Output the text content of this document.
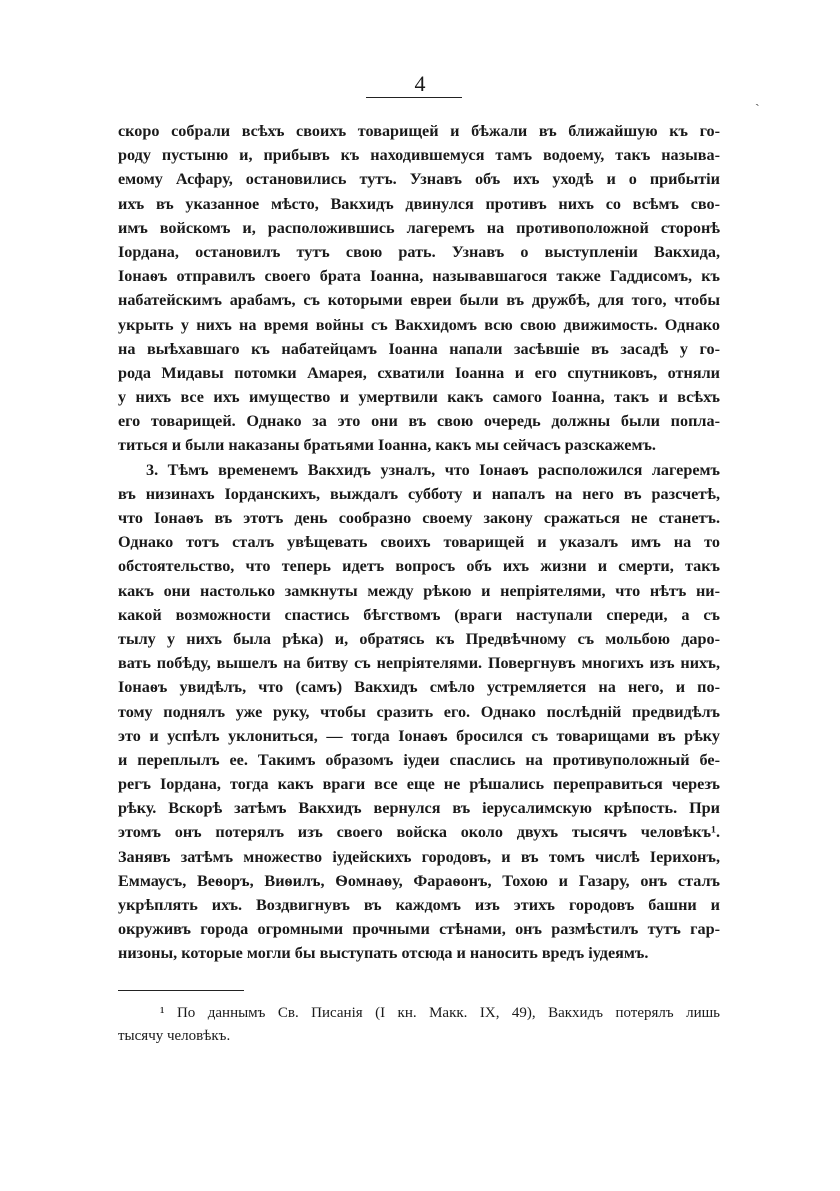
4
ˏ
скоро собрали всѣхъ своихъ товарищей и бѣжали въ ближайшую къ го-
роду пустыню и, прибывъ къ находившемуся тамъ водоему, такъ называ-
емому Асфару, остановились тутъ. Узнавъ объ ихъ уходѣ и о прибытіи
ихъ въ указанное мѣсто, Вакхидъ двинулся противъ нихъ со всѣмъ сво-
имъ войскомъ и, расположившись лагеремъ на противоположной сторонѣ
Іордана, остановилъ тутъ свою рать. Узнавъ о выступленіи Вакхида,
Іонаѳъ отправилъ своего брата Іоанна, называвшагося также Гаддисомъ, къ
набатейскимъ арабамъ, съ которыми евреи были въ дружбѣ, для того, чтобы
укрыть у нихъ на время войны съ Вакхидомъ всю свою движимость. Однако
на выѣхавшаго къ набатейцамъ Іоанна напали засѣвшіе въ засадѣ у го-
рода Мидавы потомки Амарея, схватили Іоанна и его спутниковъ, отняли
у нихъ все ихъ имущество и умертвили какъ самого Іоанна, такъ и всѣхъ
его товарищей. Однако за это они въ свою очередь должны были поплa-
титься и были наказаны братьями Іоанна, какъ мы сейчасъ разскажемъ.
3. Тѣмъ временемъ Вакхидъ узналъ, что Іонаѳъ расположился лагеремъ
въ низинахъ Іорданскихъ, выждалъ субботу и напалъ на него въ разсчетѣ,
что Іонаѳъ въ этотъ день сообразно своему закону сражаться не станетъ.
Однако тотъ сталъ увѣщевать своихъ товарищей и указалъ имъ на то
обстоятельство, что теперь идетъ вопросъ объ ихъ жизни и смерти, такъ
какъ они настолько замкнуты между рѣкою и непріятелями, что нѣтъ ни-
какой возможности спастись бѣгствомъ (враги наступали спереди, а съ
тылу у нихъ была рѣка) и, обратясь къ Предвѣчному съ мольбою даро-
вать побѣду, вышелъ на битву съ непріятелями. Повергнувъ многихъ изъ нихъ,
Іонаѳъ увидѣлъ, что (самъ) Вакхидъ смѣло устремляется на него, и по-
тому поднялъ уже руку, чтобы сразить его. Однако послѣдній предвидѣлъ
это и успѣлъ уклониться, — тогда Іонаѳъ бросился съ товарищами въ рѣку
и переплылъ ее. Такимъ образомъ іудеи спаслись на противуположный бе-
регъ Іордана, тогда какъ враги все еще не рѣшались переправиться черезъ
рѣку. Вскорѣ затѣмъ Вакхидъ вернулся въ іерусалимскую крѣпость. При
этомъ онъ потерялъ изъ своего войска около двухъ тысячъ человѣкъ¹.
Занявъ затѣмъ множество іудейскихъ городовъ, и въ томъ числѣ Іерихонъ,
Еммаусъ, Веѳоръ, Виѳилъ, Ѳомнаѳу, Фараѳонъ, Тохою и Газару, онъ сталъ
укрѣплять ихъ. Воздвигнувъ въ каждомъ изъ этихъ городовъ башни и
окруживъ города огромными прочными стѣнами, онъ размѣстилъ тутъ гар-
низоны, которые могли бы выступать отсюда и наносить вредъ іудеямъ.
¹ По даннымъ Св. Писанія (I кн. Макк. IX, 49), Вакхидъ потерялъ лишь
тысячу человѣкъ.
